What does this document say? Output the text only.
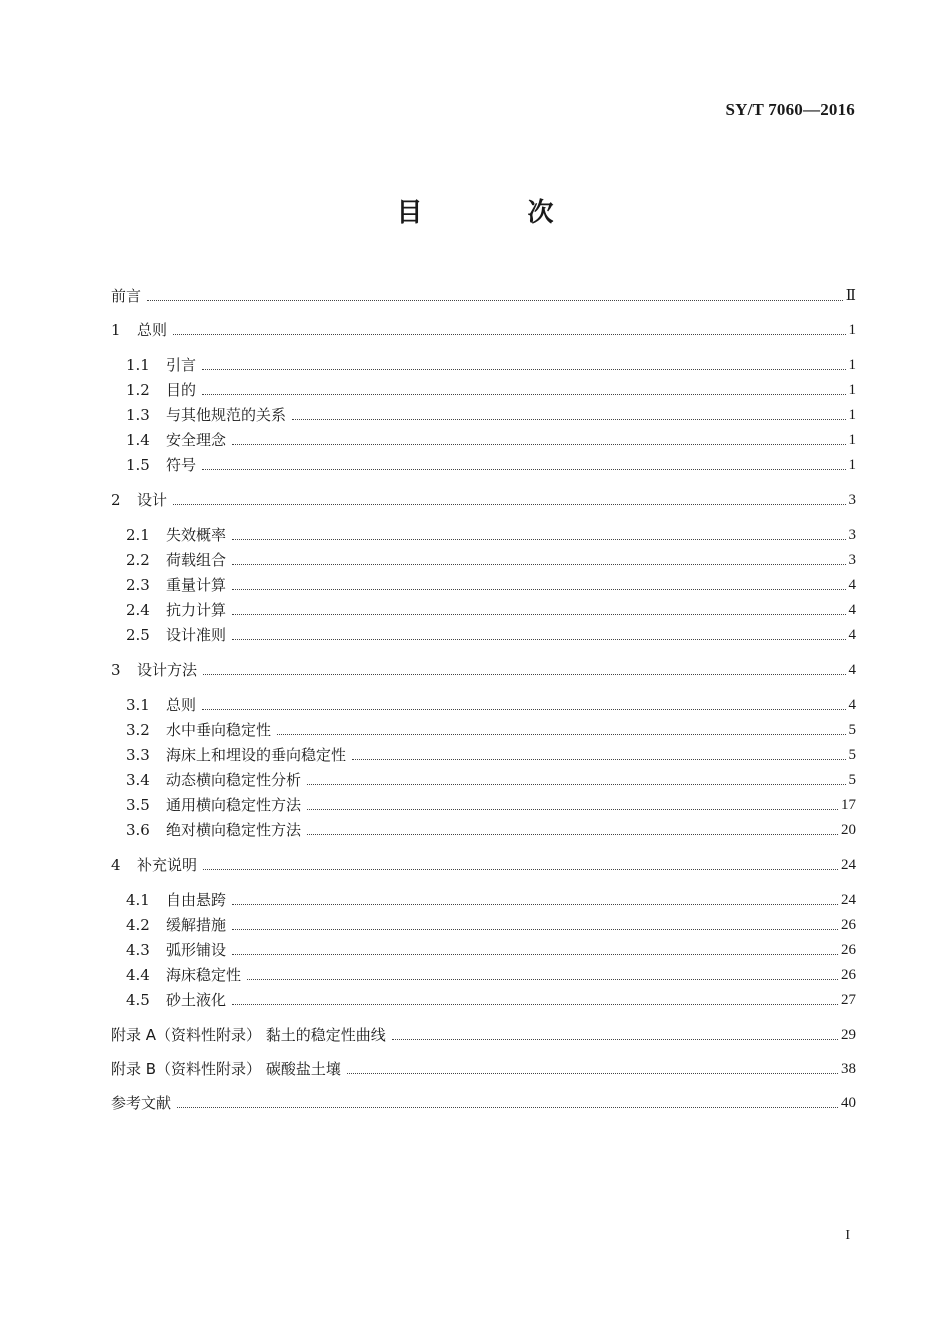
SY/T 7060—2016
目 次
前言	Ⅱ
1	总则	1
1.1	引言	1
1.2	目的	1
1.3	与其他规范的关系	1
1.4	安全理念	1
1.5	符号	1
2	设计	3
2.1	失效概率	3
2.2	荷载组合	3
2.3	重量计算	4
2.4	抗力计算	4
2.5	设计准则	4
3	设计方法	4
3.1	总则	4
3.2	水中垂向稳定性	5
3.3	海床上和埋设的垂向稳定性	5
3.4	动态横向稳定性分析	5
3.5	通用横向稳定性方法	17
3.6	绝对横向稳定性方法	20
4	补充说明	24
4.1	自由悬跨	24
4.2	缓解措施	26
4.3	弧形铺设	26
4.4	海床稳定性	26
4.5	砂土液化	27
附录 A（资料性附录） 黏土的稳定性曲线	29
附录 B（资料性附录） 碳酸盐土壤	38
参考文献	40
I
